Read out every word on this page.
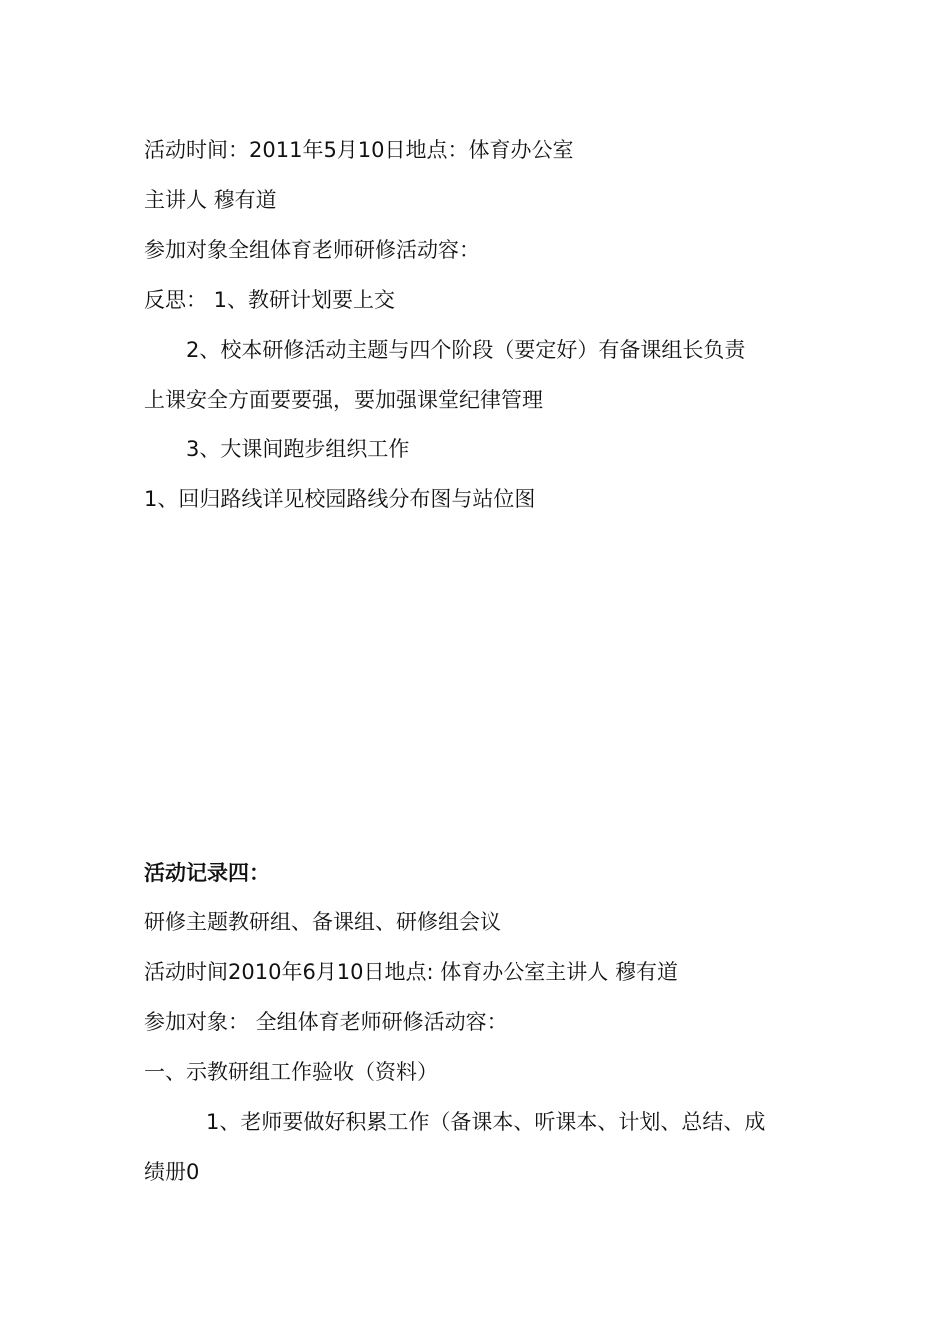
活动时间：2011年5月10日地点：体育办公室
主讲人 穆有道
参加对象全组体育老师研修活动容：
反思： 1、教研计划要上交
2、校本研修活动主题与四个阶段（要定好）有备课组长负责
上课安全方面要要强，要加强课堂纪律管理
3、大课间跑步组织工作
1、回归路线详见校园路线分布图与站位图
活动记录四：
研修主题教研组、备课组、研修组会议
活动时间2010年6月10日地点: 体育办公室主讲人 穆有道
参加对象： 全组体育老师研修活动容：
一、示教研组工作验收（资料）
1、老师要做好积累工作（备课本、听课本、计划、总结、成
绩册0
